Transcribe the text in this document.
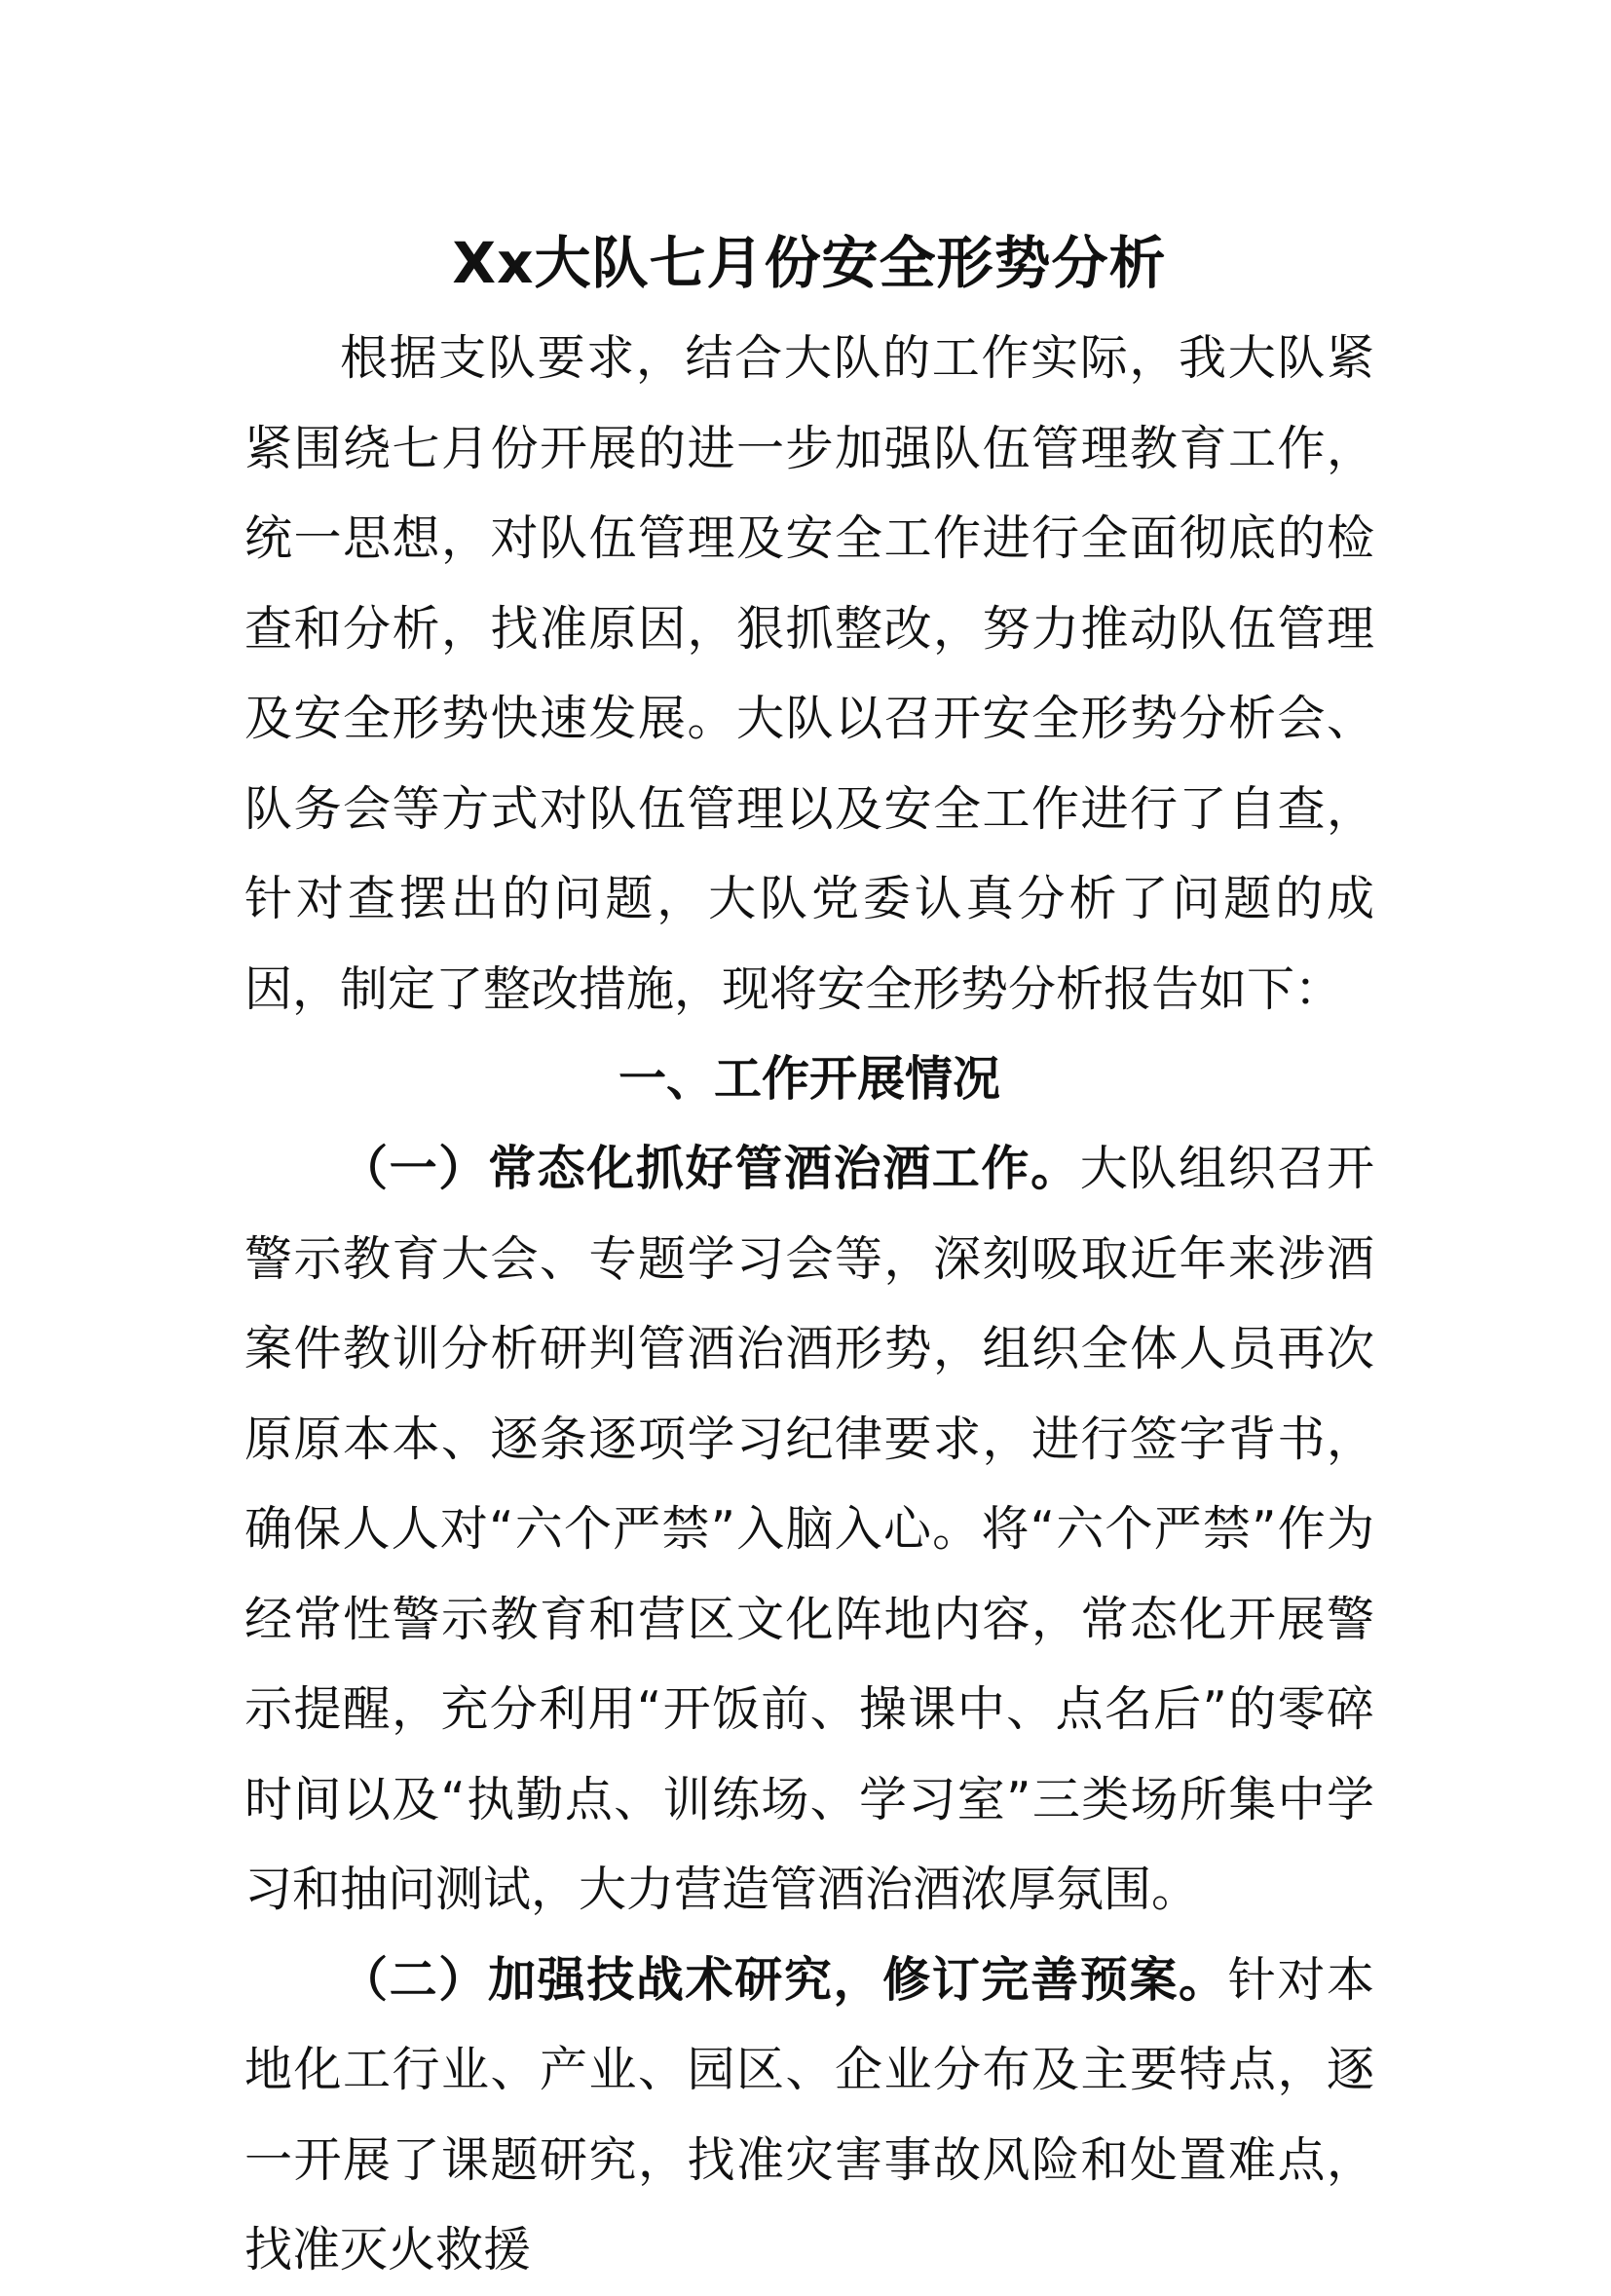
Xx大队七月份安全形势分析

根据支队要求，结合大队的工作实际，我大队紧紧围绕七月份开展的进一步加强队伍管理教育工作，统一思想，对队伍管理及安全工作进行全面彻底的检查和分析，找准原因，狠抓整改，努力推动队伍管理及安全形势快速发展。大队以召开安全形势分析会、队务会等方式对队伍管理以及安全工作进行了自查，针对查摆出的问题，大队党委认真分析了问题的成因，制定了整改措施，现将安全形势分析报告如下：

一、工作开展情况

（一）常态化抓好管酒治酒工作。大队组织召开警示教育大会、专题学习会等，深刻吸取近年来涉酒案件教训分析研判管酒治酒形势，组织全体人员再次原原本本、逐条逐项学习纪律要求，进行签字背书，确保人人对“六个严禁”入脑入心。将“六个严禁”作为经常性警示教育和营区文化阵地内容，常态化开展警示提醒，充分利用“开饭前、操课中、点名后”的零碎时间以及“执勤点、训练场、学习室”三类场所集中学习和抽问测试，大力营造管酒治酒浓厚氛围。

（二）加强技战术研究，修订完善预案。针对本地化工行业、产业、园区、企业分布及主要特点，逐一开展了课题研究，找准灾害事故风险和处置难点，找准灭火救援
